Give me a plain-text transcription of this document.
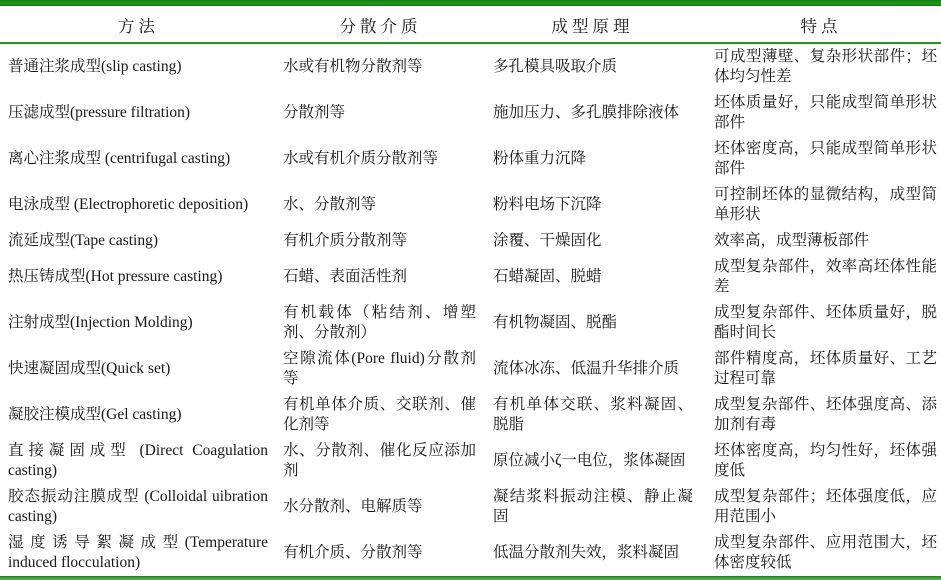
方法	分散介质	成型原理	特点
普通注浆成型(slip casting)	水或有机物分散剂等	多孔模具吸取介质	可成型薄壁、复杂形状部件；坯体均匀性差
压滤成型(pressure filtration)	分散剂等	施加压力、多孔膜排除液体	坯体质量好，只能成型简单形状部件
离心注浆成型 (centrifugal casting)	水或有机介质分散剂等	粉体重力沉降	坯体密度高，只能成型简单形状部件
电泳成型 (Electrophoretic deposition)	水、分散剂等	粉料电场下沉降	可控制坯体的显微结构，成型简单形状
流延成型(Tape casting)	有机介质分散剂等	涂覆、干燥固化	效率高，成型薄板部件
热压铸成型(Hot pressure casting)	石蜡、表面活性剂	石蜡凝固、脱蜡	成型复杂部件，效率高坯体性能差
注射成型(Injection Molding)	有机载体（粘结剂、增塑剂、分散剂）	有机物凝固、脱酯	成型复杂部件、坯体质量好，脱酯时间长
快速凝固成型(Quick set)	空隙流体(Pore fluid)分散剂等	流体冰冻、低温升华排介质	部件精度高，坯体质量好、工艺过程可靠
凝胶注模成型(Gel casting)	有机单体介质、交联剂、催化剂等	有机单体交联、浆料凝固、脱脂	成型复杂部件、坯体强度高、添加剂有毒
直接凝固成型 (Direct Coagulation casting)	水、分散剂、催化反应添加剂	原位减小ζ一电位，浆体凝固	坯体密度高，均匀性好，坯体强度低
胶态振动注膜成型 (Colloidal uibration casting)	水分散剂、电解质等	凝结浆料振动注模、静止凝固	成型复杂部件；坯体强度低，应用范围小
湿度诱导絮凝成型(Temperature induced flocculation)	有机介质、分散剂等	低温分散剂失效，浆料凝固	成型复杂部件、应用范围大，坯体密度较低
